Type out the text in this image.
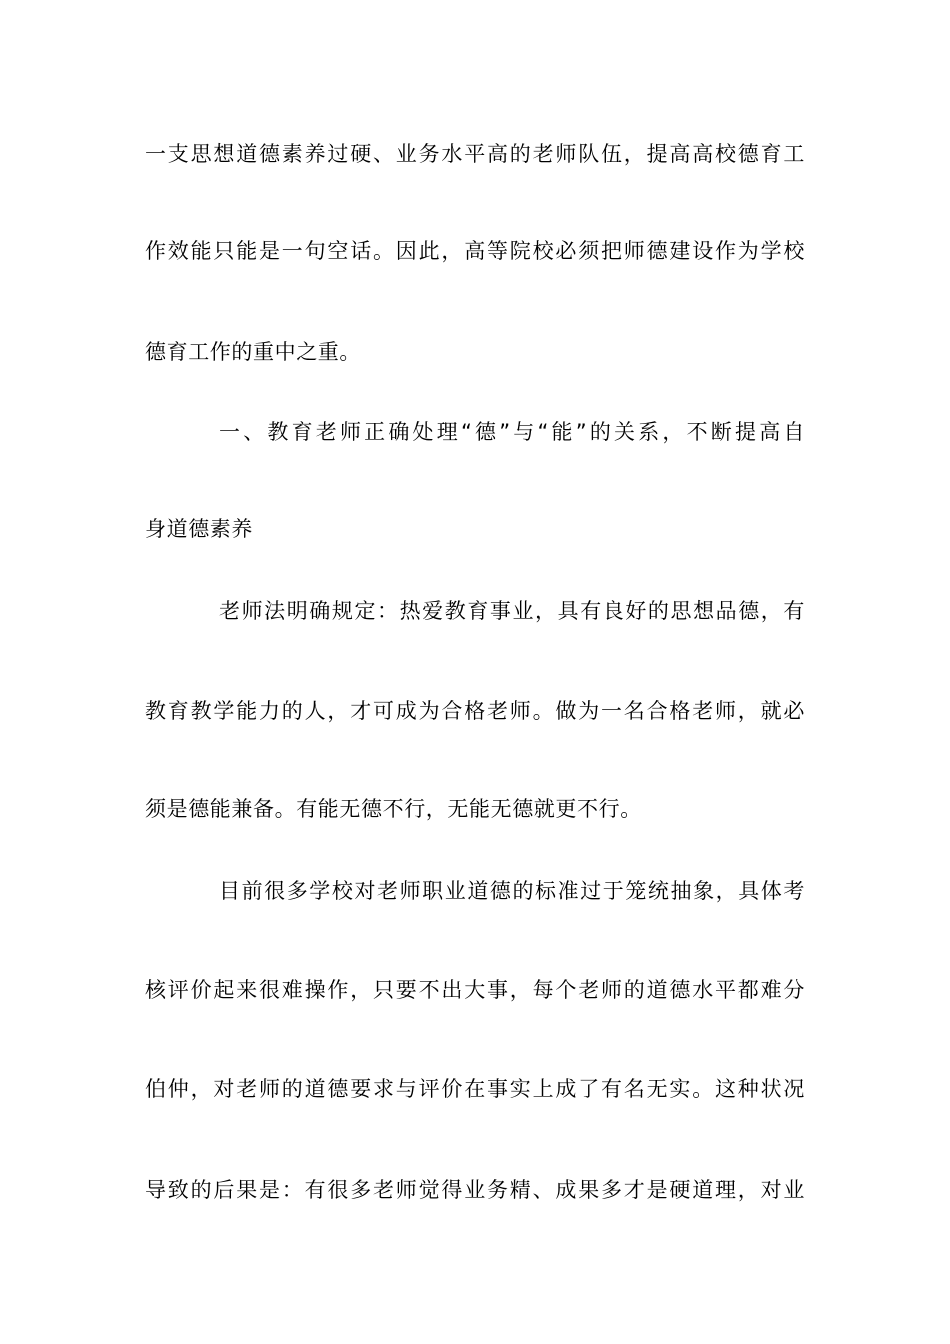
一支思想道德素养过硬、业务水平高的老师队伍，提高高校德育工
作效能只能是一句空话。因此，高等院校必须把师德建设作为学校
德育工作的重中之重。
一、教育老师正确处理“德”与“能”的关系，不断提高自
身道德素养
老师法明确规定：热爱教育事业，具有良好的思想品德，有
教育教学能力的人，才可成为合格老师。做为一名合格老师，就必
须是德能兼备。有能无德不行，无能无德就更不行。
目前很多学校对老师职业道德的标准过于笼统抽象，具体考
核评价起来很难操作，只要不出大事，每个老师的道德水平都难分
伯仲，对老师的道德要求与评价在事实上成了有名无实。这种状况
导致的后果是：有很多老师觉得业务精、成果多才是硬道理，对业
